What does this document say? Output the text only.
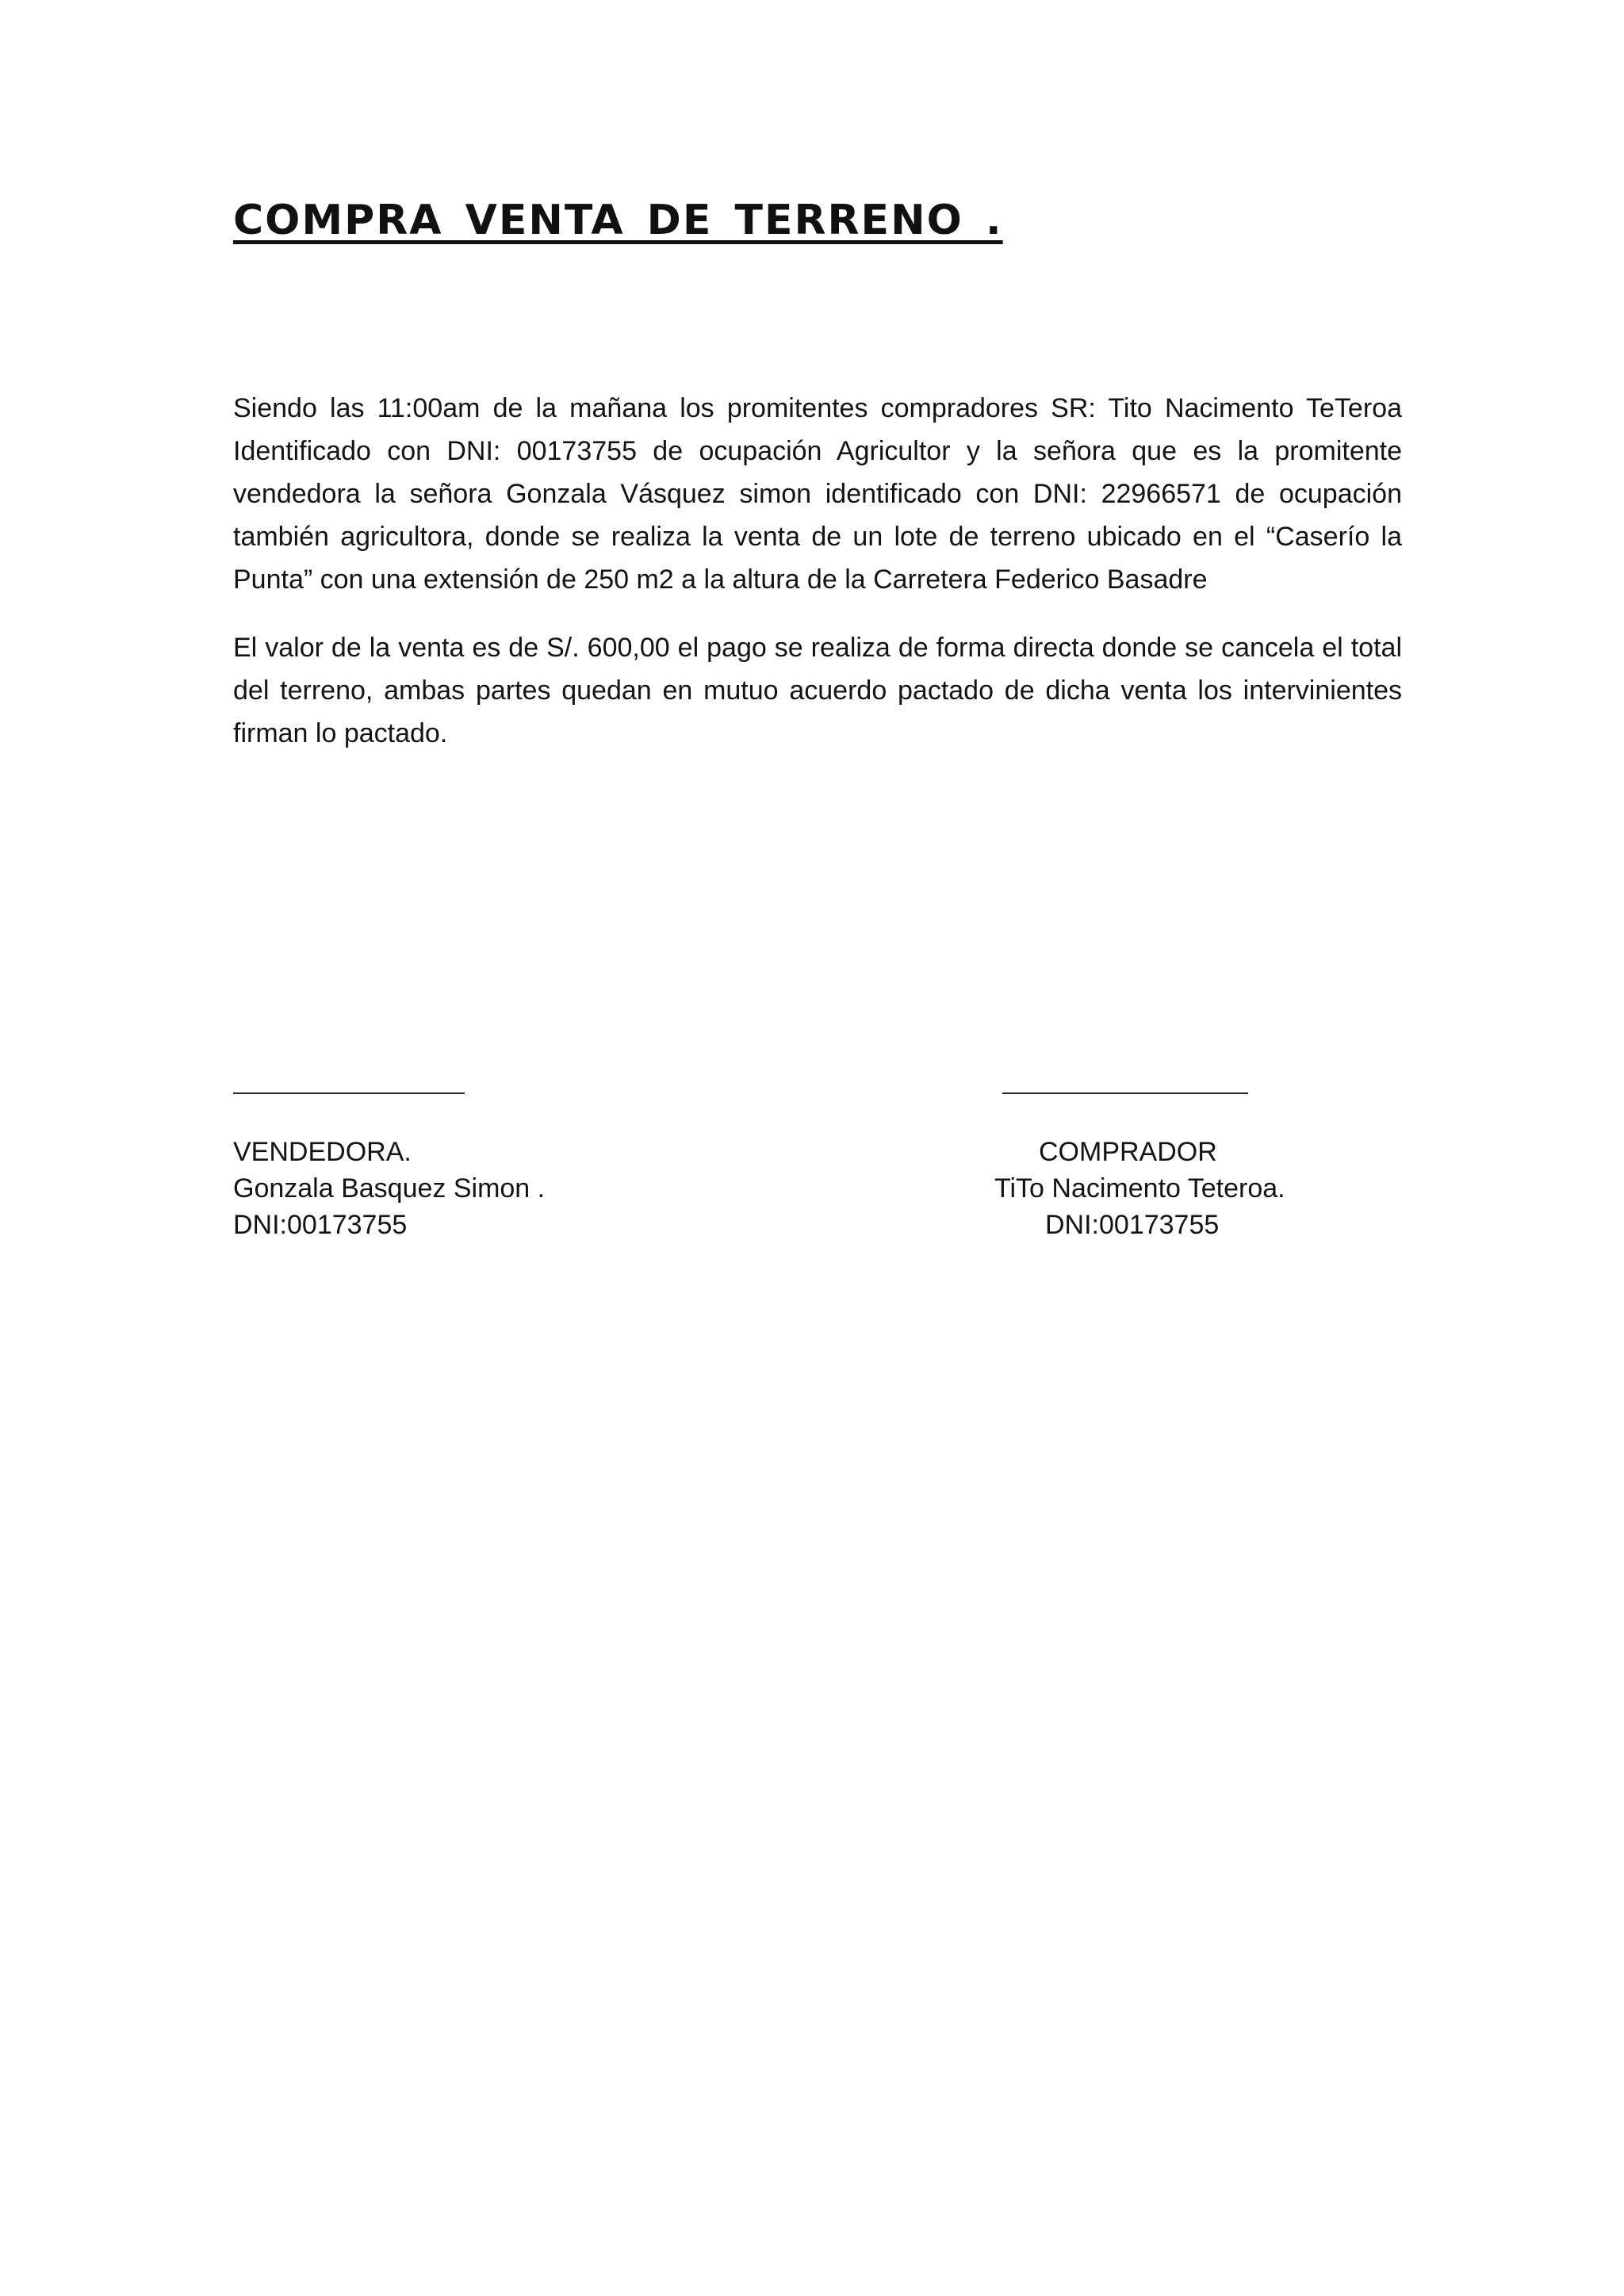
COMPRA VENTA DE TERRENO .

Siendo las 11:00am de la mañana los promitentes compradores SR: Tito Nacimento TeTeroa Identificado con DNI: 00173755 de ocupación Agricultor y la señora que es la promitente vendedora la señora Gonzala Vásquez simon identificado con DNI: 22966571 de ocupación también agricultora, donde se realiza la venta de un lote de terreno ubicado en el “Caserío la Punta” con una extensión de 250 m2 a la altura de la Carretera Federico Basadre

El valor de la venta es de S/. 600,00 el pago se realiza de forma directa donde se cancela el total del terreno, ambas partes quedan en mutuo acuerdo pactado de dicha venta los intervinientes firman lo pactado.

VENDEDORA.
Gonzala Basquez Simon .
DNI:00173755
COMPRADOR
TiTo Nacimento Teteroa.
DNI:00173755
